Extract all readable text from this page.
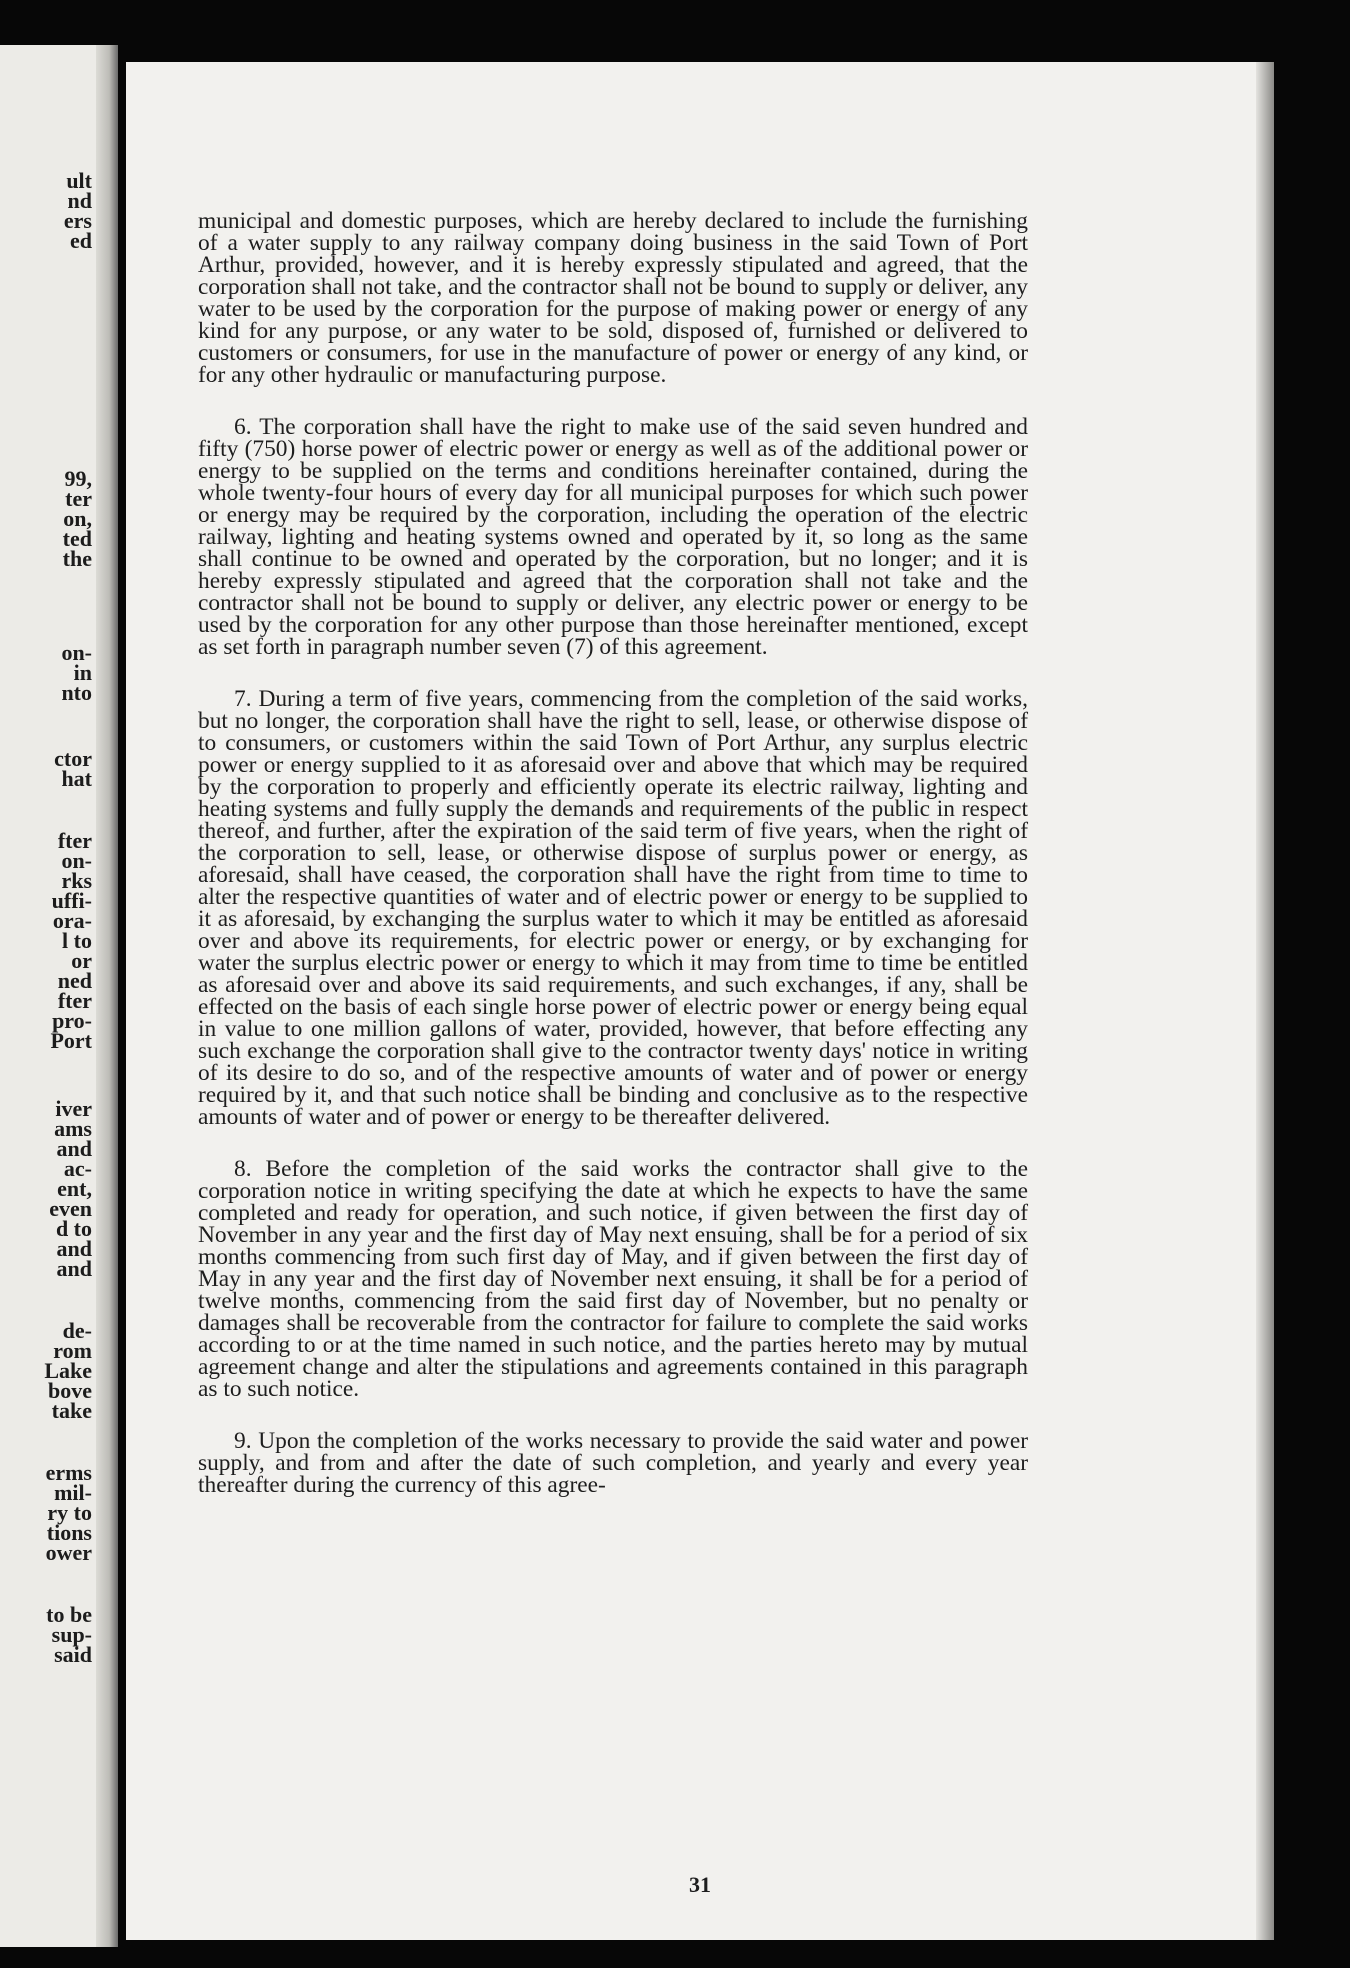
ult
nd
ers
ed
99,
ter
on,
ted
the
on-
in
nto
ctor
hat
fter
on-
rks
uffi-
ora-
l to
or
ned
fter
pro-
Port
iver
ams
and
ac-
ent,
even
d to
and
and
de-
rom
Lake
bove
take
erms
mil-
ry to
tions
ower
to be
sup-
said

municipal and domestic purposes, which are hereby declared to include the furnishing of a water supply to any railway company doing business in the said Town of Port Arthur, provided, however, and it is hereby expressly stipulated and agreed, that the corporation shall not take, and the contractor shall not be bound to supply or deliver, any water to be used by the corporation for the purpose of making power or energy of any kind for any purpose, or any water to be sold, disposed of, furnished or delivered to customers or consumers, for use in the manufacture of power or energy of any kind, or for any other hydraulic or manufacturing purpose.

6. The corporation shall have the right to make use of the said seven hundred and fifty (750) horse power of electric power or energy as well as of the additional power or energy to be supplied on the terms and conditions hereinafter contained, during the whole twenty-four hours of every day for all municipal purposes for which such power or energy may be required by the corporation, including the operation of the electric railway, lighting and heating systems owned and operated by it, so long as the same shall continue to be owned and operated by the corporation, but no longer; and it is hereby expressly stipulated and agreed that the corporation shall not take and the contractor shall not be bound to supply or deliver, any electric power or energy to be used by the corporation for any other purpose than those hereinafter mentioned, except as set forth in paragraph number seven (7) of this agreement.

7. During a term of five years, commencing from the completion of the said works, but no longer, the corporation shall have the right to sell, lease, or otherwise dispose of to consumers, or customers within the said Town of Port Arthur, any surplus electric power or energy supplied to it as aforesaid over and above that which may be required by the corporation to properly and efficiently operate its electric railway, lighting and heating systems and fully supply the demands and requirements of the public in respect thereof, and further, after the expiration of the said term of five years, when the right of the corporation to sell, lease, or otherwise dispose of surplus power or energy, as aforesaid, shall have ceased, the corporation shall have the right from time to time to alter the respective quantities of water and of electric power or energy to be supplied to it as aforesaid, by exchanging the surplus water to which it may be entitled as aforesaid over and above its requirements, for electric power or energy, or by exchanging for water the surplus electric power or energy to which it may from time to time be entitled as aforesaid over and above its said requirements, and such exchanges, if any, shall be effected on the basis of each single horse power of electric power or energy being equal in value to one million gallons of water, provided, however, that before effecting any such exchange the corporation shall give to the contractor twenty days' notice in writing of its desire to do so, and of the respective amounts of water and of power or energy required by it, and that such notice shall be binding and conclusive as to the respective amounts of water and of power or energy to be thereafter delivered.

8. Before the completion of the said works the contractor shall give to the corporation notice in writing specifying the date at which he expects to have the same completed and ready for operation, and such notice, if given between the first day of November in any year and the first day of May next ensuing, shall be for a period of six months commencing from such first day of May, and if given between the first day of May in any year and the first day of November next ensuing, it shall be for a period of twelve months, commencing from the said first day of November, but no penalty or damages shall be recoverable from the contractor for failure to complete the said works according to or at the time named in such notice, and the parties hereto may by mutual agreement change and alter the stipulations and agreements contained in this paragraph as to such notice.

9. Upon the completion of the works necessary to provide the said water and power supply, and from and after the date of such completion, and yearly and every year thereafter during the currency of this agree-

31
